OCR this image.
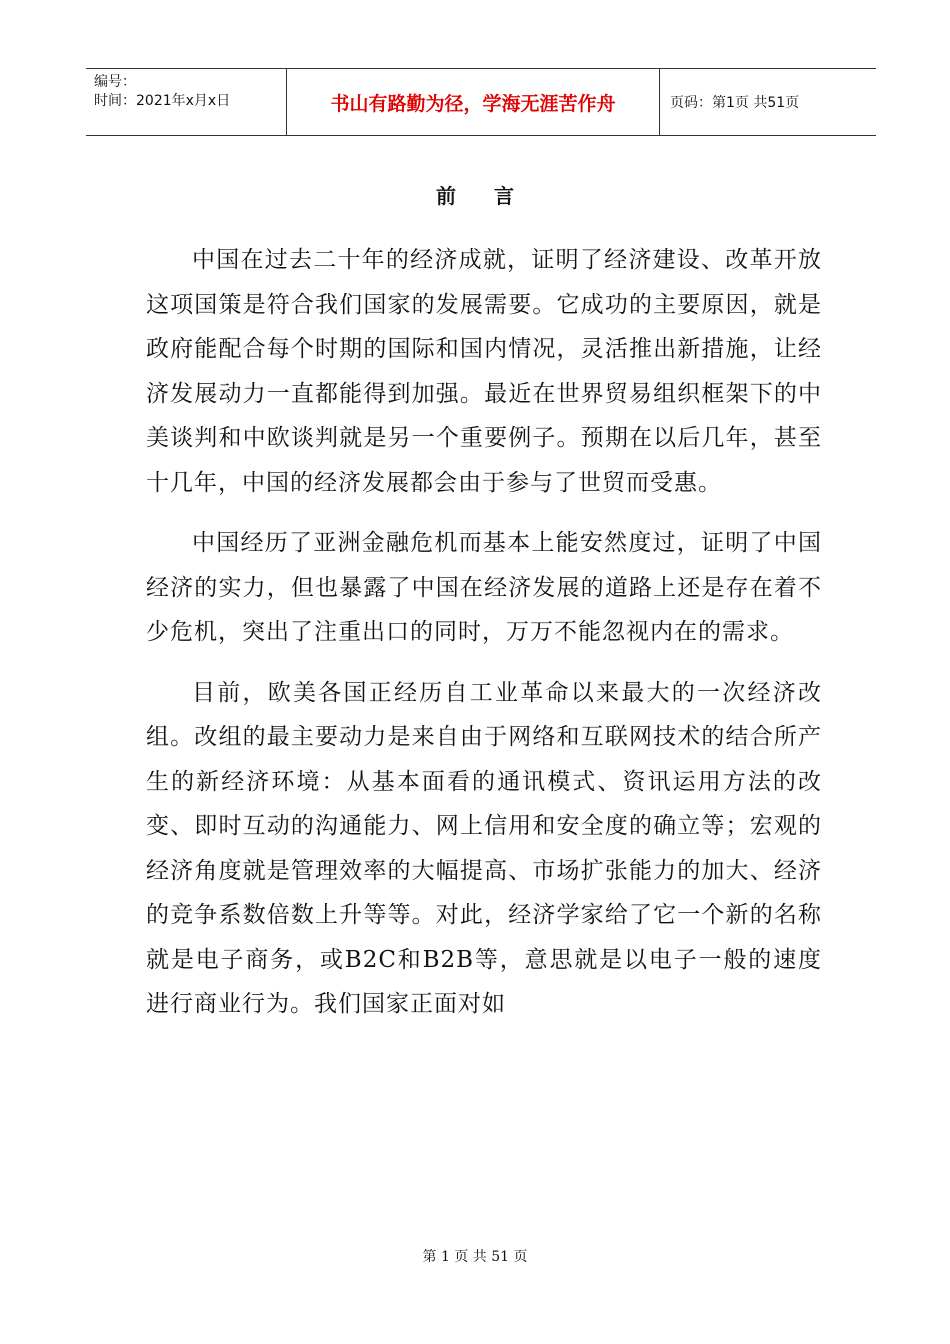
编号：
时间：2021年x月x日	书山有路勤为径，学海无涯苦作舟	页码：第1页 共51页
前言

中国在过去二十年的经济成就，证明了经济建设、改革开放这项国策是符合我们国家的发展需要。它成功的主要原因，就是政府能配合每个时期的国际和国内情况，灵活推出新措施，让经济发展动力一直都能得到加强。最近在世界贸易组织框架下的中美谈判和中欧谈判就是另一个重要例子。预期在以后几年，甚至十几年，中国的经济发展都会由于参与了世贸而受惠。

中国经历了亚洲金融危机而基本上能安然度过，证明了中国经济的实力，但也暴露了中国在经济发展的道路上还是存在着不少危机，突出了注重出口的同时，万万不能忽视内在的需求。

目前，欧美各国正经历自工业革命以来最大的一次经济改组。改组的最主要动力是来自由于网络和互联网技术的结合所产生的新经济环境：从基本面看的通讯模式、资讯运用方法的改变、即时互动的沟通能力、网上信用和安全度的确立等；宏观的经济角度就是管理效率的大幅提高、市场扩张能力的加大、经济的竞争系数倍数上升等等。对此，经济学家给了它一个新的名称就是电子商务，或B2C和B2B等，意思就是以电子一般的速度进行商业行为。我们国家正面对如

第 1 页 共 51 页
